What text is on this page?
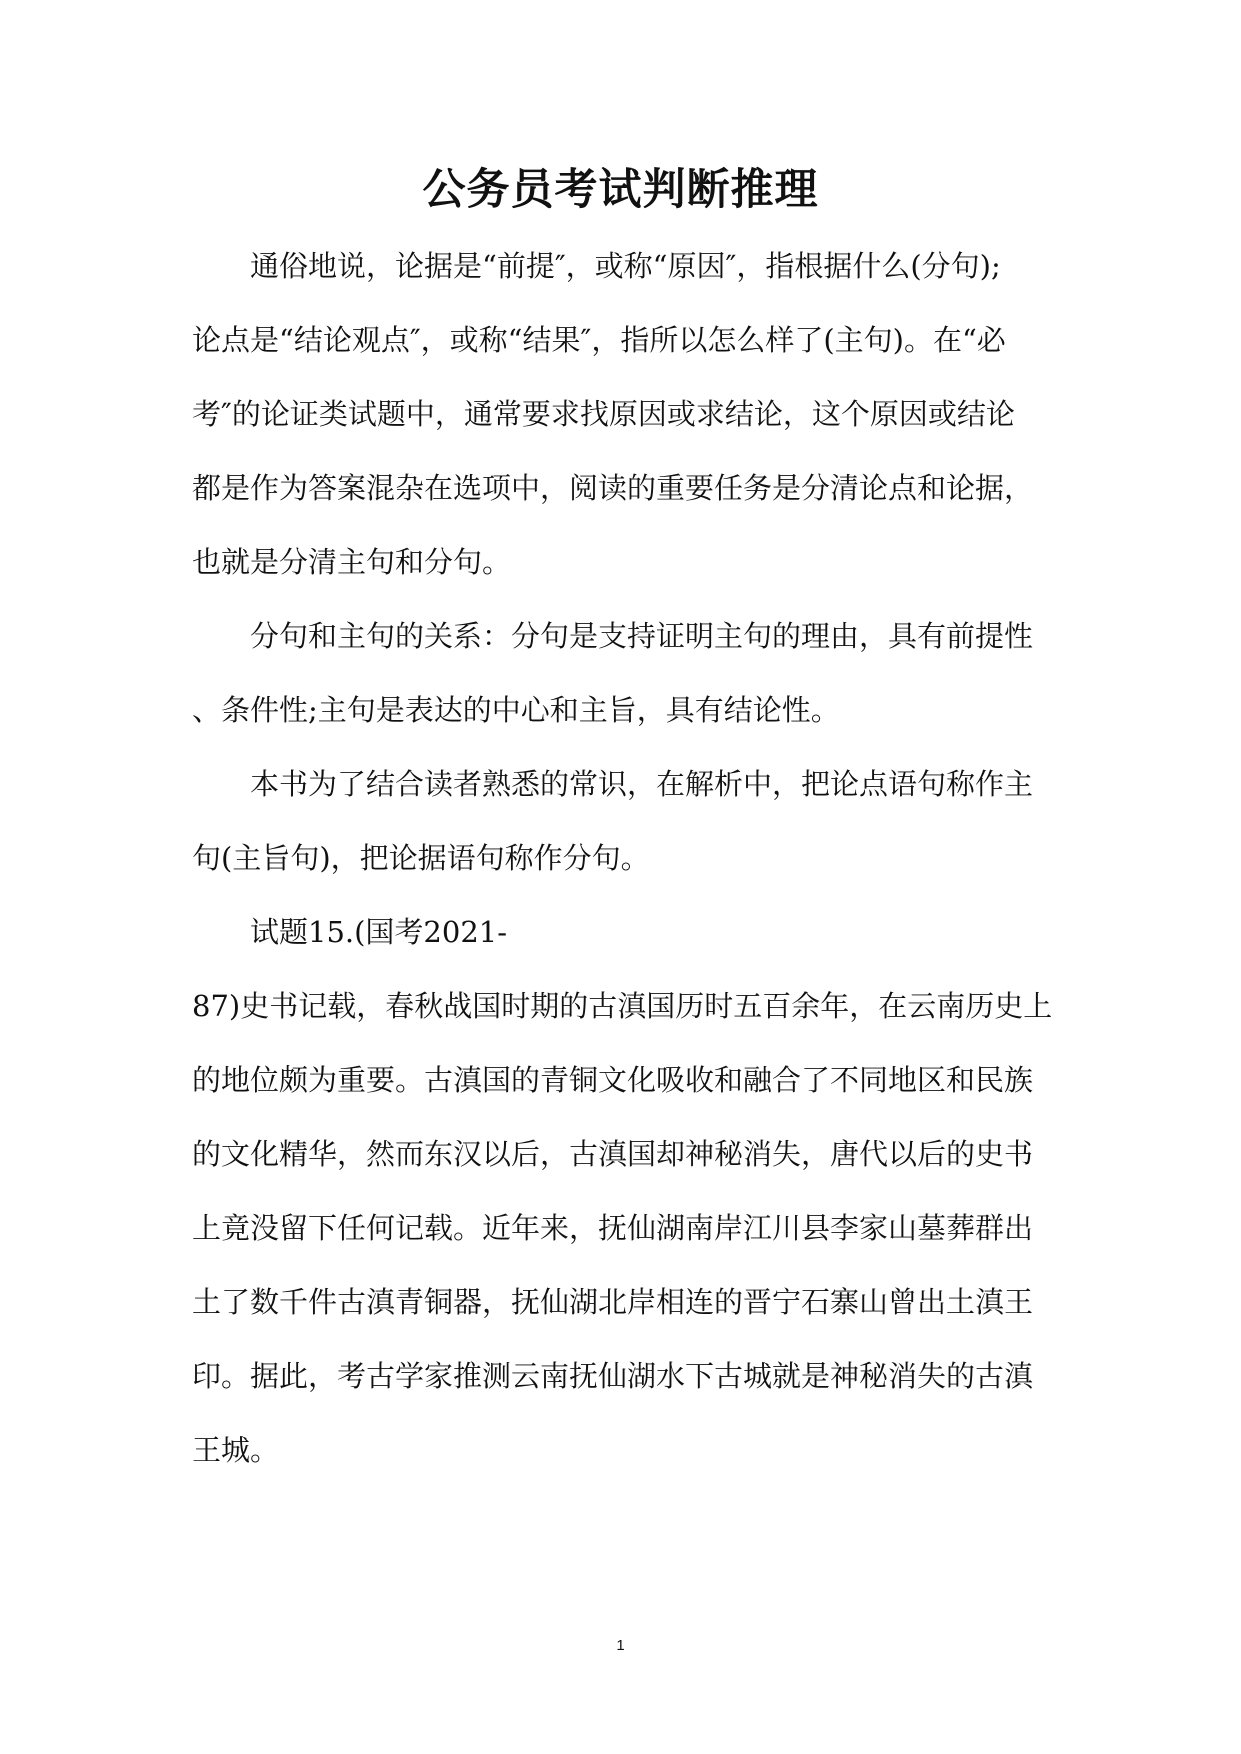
公务员考试判断推理

通俗地说，论据是“前提″，或称“原因″，指根据什么(分句);

论点是“结论观点″，或称“结果″，指所以怎么样了(主句)。在“必

考″的论证类试题中，通常要求找原因或求结论，这个原因或结论

都是作为答案混杂在选项中，阅读的重要任务是分清论点和论据，

也就是分清主句和分句。

分句和主句的关系：分句是支持证明主句的理由，具有前提性

、条件性;主句是表达的中心和主旨，具有结论性。

本书为了结合读者熟悉的常识，在解析中，把论点语句称作主

句(主旨句)，把论据语句称作分句。

试题15.(国考2021-

87)史书记载，春秋战国时期的古滇国历时五百余年，在云南历史上

的地位颇为重要。古滇国的青铜文化吸收和融合了不同地区和民族

的文化精华，然而东汉以后，古滇国却神秘消失，唐代以后的史书

上竟没留下任何记载。近年来，抚仙湖南岸江川县李家山墓葬群出

土了数千件古滇青铜器，抚仙湖北岸相连的晋宁石寨山曾出土滇王

印。据此，考古学家推测云南抚仙湖水下古城就是神秘消失的古滇

王城。

1
